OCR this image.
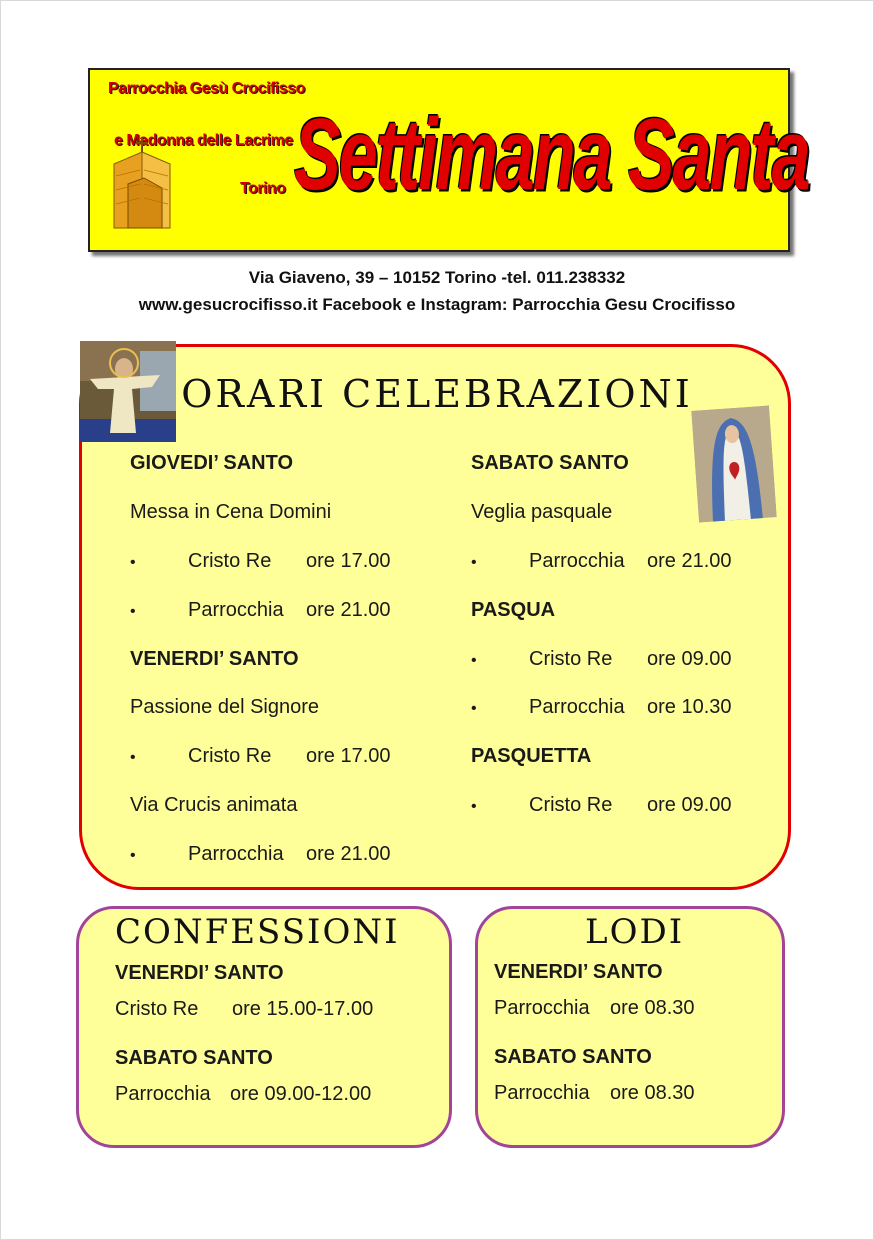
Parrocchia Gesù Crocifisso
e Madonna delle Lacrime
Torino Settimana Santa
Via Giaveno, 39 – 10152 Torino -tel. 011.238332
www.gesucrocifisso.it Facebook e Instagram: Parrocchia Gesu Crocifisso
ORARI CELEBRAZIONI
GIOVEDI’ SANTO
Messa in Cena Domini
•
Cristo Re	ore 17.00
•
Parrocchia	ore 21.00
VENERDI’ SANTO
Passione del Signore
•
Cristo Re	ore 17.00
Via Crucis animata
•
Parrocchia	ore 21.00
SABATO SANTO
Veglia pasquale
•
Parrocchia	ore 21.00
PASQUA
•
Cristo Re	ore 09.00
•
Parrocchia	ore 10.30
PASQUETTA
•
Cristo Re	ore 09.00
CONFESSIONI
VENERDI’ SANTO
Cristo Re ore 15.00-17.00
SABATO SANTO
Parrocchia ore 09.00-12.00
LODI
VENERDI’ SANTO
Parrocchia ore 08.30
SABATO SANTO
Parrocchia ore 08.30
